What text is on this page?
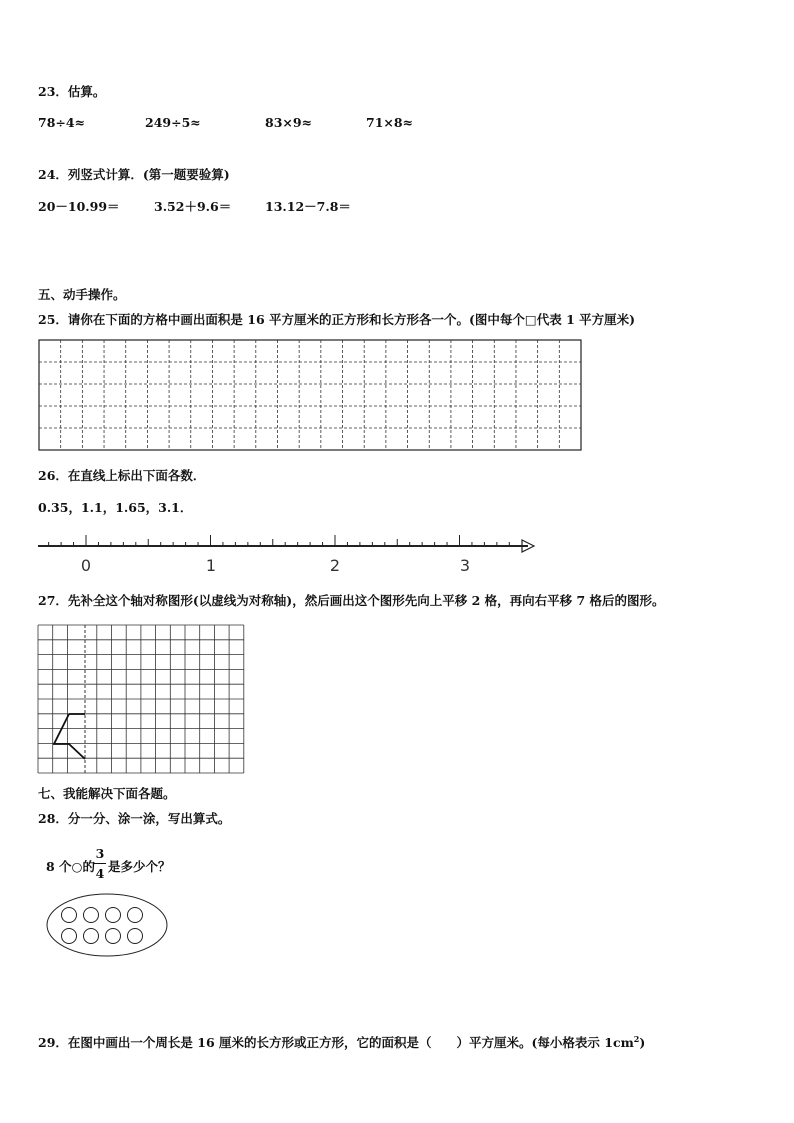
23．估算。
78÷4≈	249÷5≈	83×9≈	71×8≈
24．列竖式计算．(第一题要验算)
20－10.99＝	3.52＋9.6＝	13.12－7.8＝
五、动手操作。
25．请你在下面的方格中画出面积是 16 平方厘米的正方形和长方形各一个。(图中每个□代表 1 平方厘米)
26．在直线上标出下面各数．
0.35，1.1，1.65，3.1．
0	1	2	3
27．先补全这个轴对称图形(以虚线为对称轴)，然后画出这个图形先向上平移 2 格，再向右平移 7 格后的图形。
七、我能解决下面各题。
28．分一分、涂一涂，写出算式。
8 个○的
3
4 是多少个？
29．在图中画出一个周长是 16 厘米的长方形或正方形，它的面积是（　　）平方厘米。(每小格表示 $1cm^2$)
